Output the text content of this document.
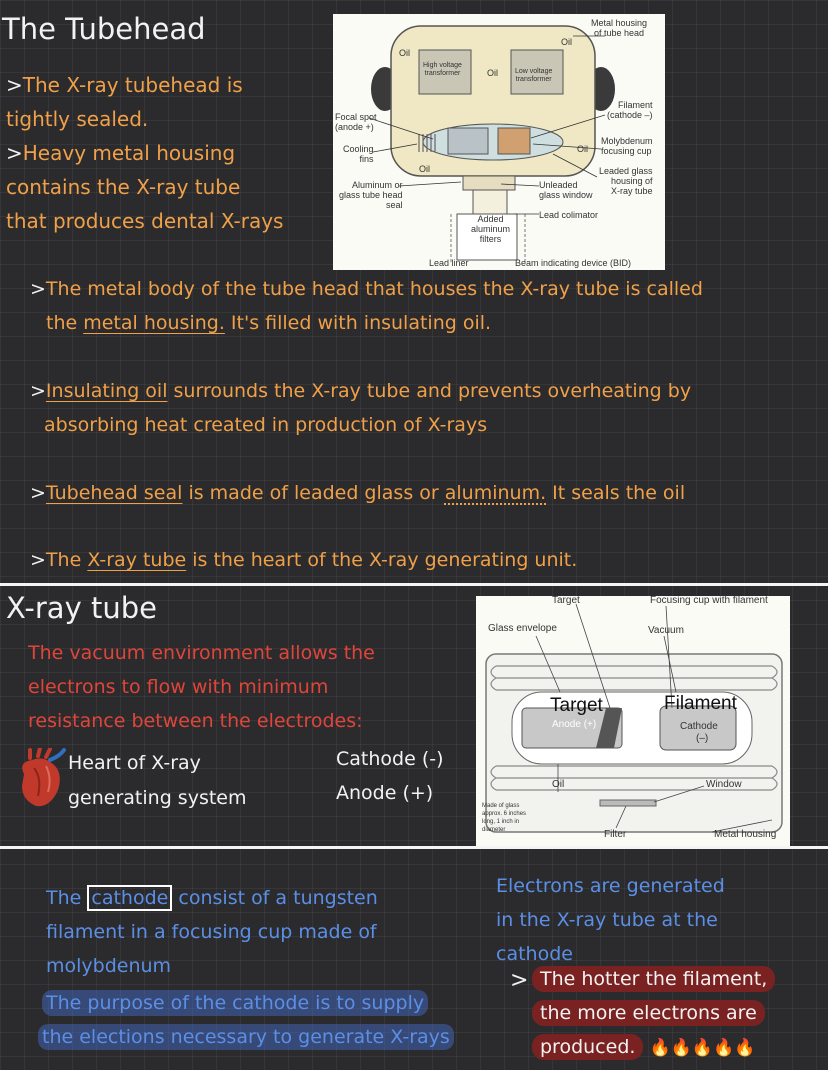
The Tubehead
>The X-ray tubehead is
tightly sealed.
>Heavy metal housing
contains the X-ray tube
that produces dental X-rays
Metal housing
of tube head
Oil
Oil
High voltage
transformer	Oil Low voltage
transformer
Filament
(cathode –)
Focal spot
(anode +)
Cooling
fins
Oil
Molybdenum
focusing cup
Oil	Leaded glass
housing of
X-ray tube
Aluminum or
glass tube head
seal
Unleaded
glass window
Lead colimator
Added
aluminum
filters
Lead liner	Beam indicating device (BID)
>The metal body of the tube head that houses the X-ray tube is called
the metal housing. It's filled with insulating oil.
>Insulating oil surrounds the X-ray tube and prevents overheating by
absorbing heat created in production of X-rays
>Tubehead seal is made of leaded glass or aluminum. It seals the oil
>The X-ray tube is the heart of the X-ray generating unit.
X-ray tube
The vacuum environment allows the
electrons to flow with minimum
resistance between the electrodes:
Heart of X-ray
generating system
Cathode (-)
Anode (+)
Target	Focusing cup with filament
Glass envelope	Vacuum
Target
Anode (+)
Filament
Cathode
(–)
Oil	Window
Made of glass
approx. 6 inches
long, 1 inch in
diameter	Filter	Metal housing
The cathode consist of a tungsten
filament in a focusing cup made of
molybdenum
The purpose of the cathode is to supply
the elections necessary to generate X-rays
Electrons are generated
in the X-ray tube at the
cathode
> The hotter the filament,
the more electrons are
produced. 🔥🔥🔥🔥🔥
